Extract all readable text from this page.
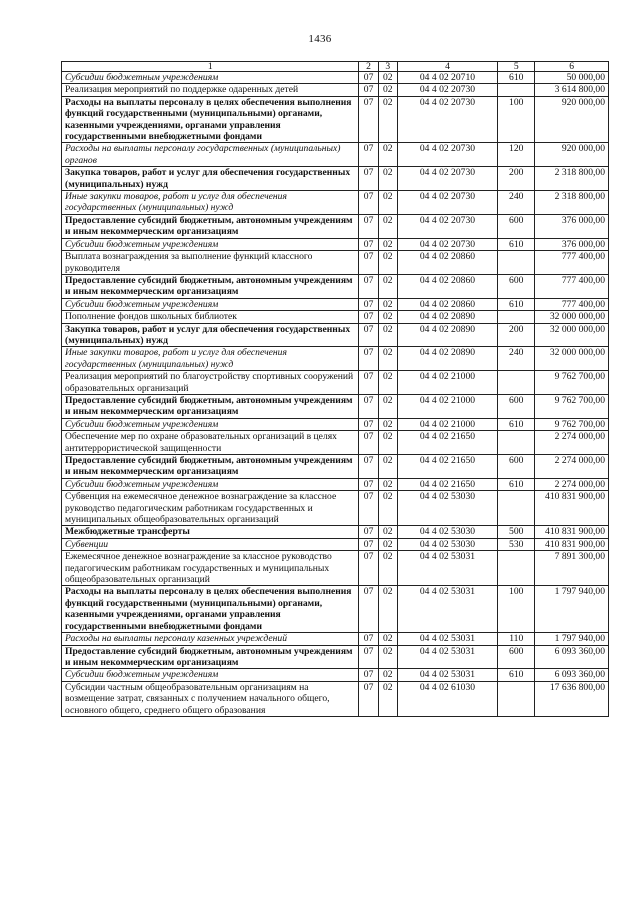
1436
1	2	3	4	5	6
Субсидии бюджетным учреждениям	07	02	04 4 02 20710	610	50 000,00
Реализация мероприятий по поддержке одаренных детей	07	02	04 4 02 20730		3 614 800,00
Расходы на выплаты персоналу в целях обеспечения выполнения функций государственными (муниципальными) органами, казенными учреждениями, органами управления государственными внебюджетными фондами	07	02	04 4 02 20730	100	920 000,00
Расходы на выплаты персоналу государственных (муниципальных) органов	07	02	04 4 02 20730	120	920 000,00
Закупка товаров, работ и услуг для обеспечения государственных (муниципальных) нужд	07	02	04 4 02 20730	200	2 318 800,00
Иные закупки товаров, работ и услуг для обеспечения государственных (муниципальных) нужд	07	02	04 4 02 20730	240	2 318 800,00
Предоставление субсидий бюджетным, автономным учреждениям и иным некоммерческим организациям	07	02	04 4 02 20730	600	376 000,00
Субсидии бюджетным учреждениям	07	02	04 4 02 20730	610	376 000,00
Выплата вознаграждения за выполнение функций классного руководителя	07	02	04 4 02 20860		777 400,00
Предоставление субсидий бюджетным, автономным учреждениям и иным некоммерческим организациям	07	02	04 4 02 20860	600	777 400,00
Субсидии бюджетным учреждениям	07	02	04 4 02 20860	610	777 400,00
Пополнение фондов школьных библиотек	07	02	04 4 02 20890		32 000 000,00
Закупка товаров, работ и услуг для обеспечения государственных (муниципальных) нужд	07	02	04 4 02 20890	200	32 000 000,00
Иные закупки товаров, работ и услуг для обеспечения государственных (муниципальных) нужд	07	02	04 4 02 20890	240	32 000 000,00
Реализация мероприятий по благоустройству спортивных сооружений образовательных организаций	07	02	04 4 02 21000		9 762 700,00
Предоставление субсидий бюджетным, автономным учреждениям и иным некоммерческим организациям	07	02	04 4 02 21000	600	9 762 700,00
Субсидии бюджетным учреждениям	07	02	04 4 02 21000	610	9 762 700,00
Обеспечение мер по охране образовательных организаций в целях антитеррористической защищенности	07	02	04 4 02 21650		2 274 000,00
Предоставление субсидий бюджетным, автономным учреждениям и иным некоммерческим организациям	07	02	04 4 02 21650	600	2 274 000,00
Субсидии бюджетным учреждениям	07	02	04 4 02 21650	610	2 274 000,00
Субвенция на ежемесячное денежное вознаграждение за классное руководство педагогическим работникам государственных и муниципальных общеобразовательных организаций	07	02	04 4 02 53030		410 831 900,00
Межбюджетные трансферты	07	02	04 4 02 53030	500	410 831 900,00
Субвенции	07	02	04 4 02 53030	530	410 831 900,00
Ежемесячное денежное вознаграждение за классное руководство педагогическим работникам государственных и муниципальных общеобразовательных организаций	07	02	04 4 02 53031		7 891 300,00
Расходы на выплаты персоналу в целях обеспечения выполнения функций государственными (муниципальными) органами, казенными учреждениями, органами управления государственными внебюджетными фондами	07	02	04 4 02 53031	100	1 797 940,00
Расходы на выплаты персоналу казенных учреждений	07	02	04 4 02 53031	110	1 797 940,00
Предоставление субсидий бюджетным, автономным учреждениям и иным некоммерческим организациям	07	02	04 4 02 53031	600	6 093 360,00
Субсидии бюджетным учреждениям	07	02	04 4 02 53031	610	6 093 360,00
Субсидии частным общеобразовательным организациям на возмещение затрат, связанных с получением начального общего, основного общего, среднего общего образования	07	02	04 4 02 61030		17 636 800,00
